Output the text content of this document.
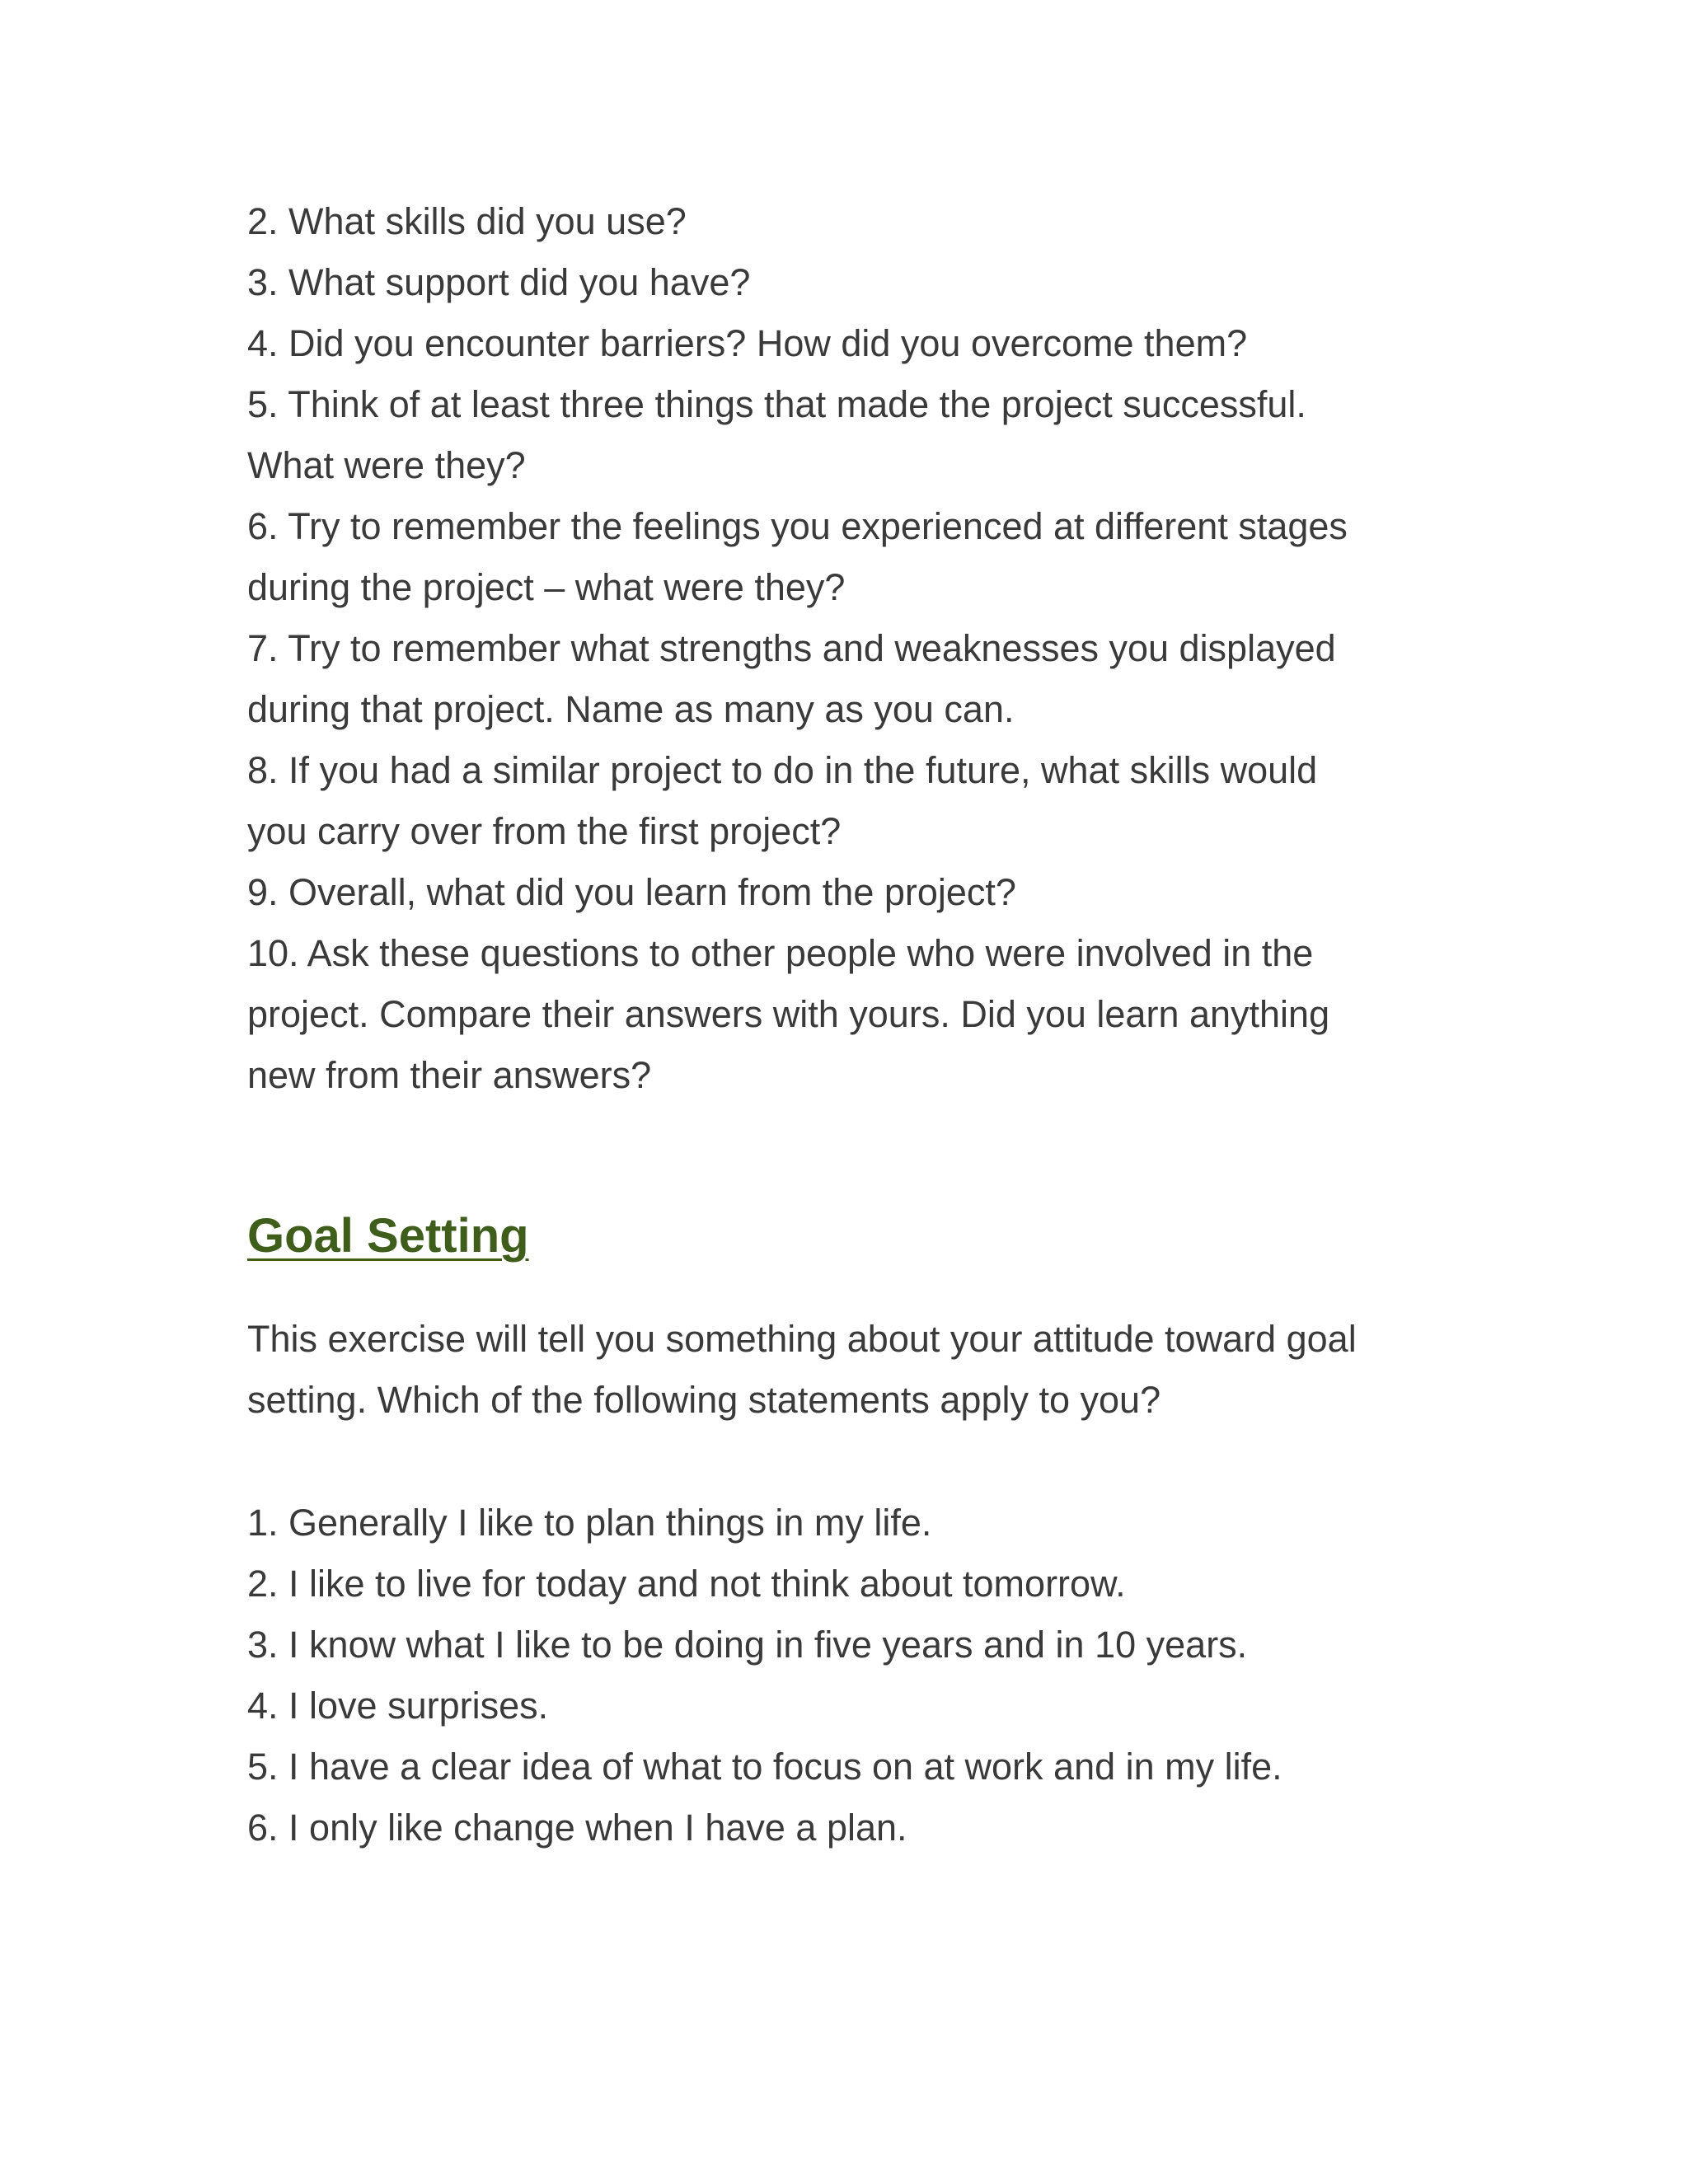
2. What skills did you use?

3. What support did you have?

4. Did you encounter barriers? How did you overcome them?

5. Think of at least three things that made the project successful.

What were they?

6. Try to remember the feelings you experienced at different stages

during the project – what were they?

7. Try to remember what strengths and weaknesses you displayed

during that project. Name as many as you can.

8. If you had a similar project to do in the future, what skills would

you carry over from the first project?

9. Overall, what did you learn from the project?

10. Ask these questions to other people who were involved in the

project. Compare their answers with yours. Did you learn anything

new from their answers?

Goal Setting

This exercise will tell you something about your attitude toward goal

setting. Which of the following statements apply to you?

1. Generally I like to plan things in my life.

2. I like to live for today and not think about tomorrow.

3. I know what I like to be doing in five years and in 10 years.

4. I love surprises.

5. I have a clear idea of what to focus on at work and in my life.

6. I only like change when I have a plan.
